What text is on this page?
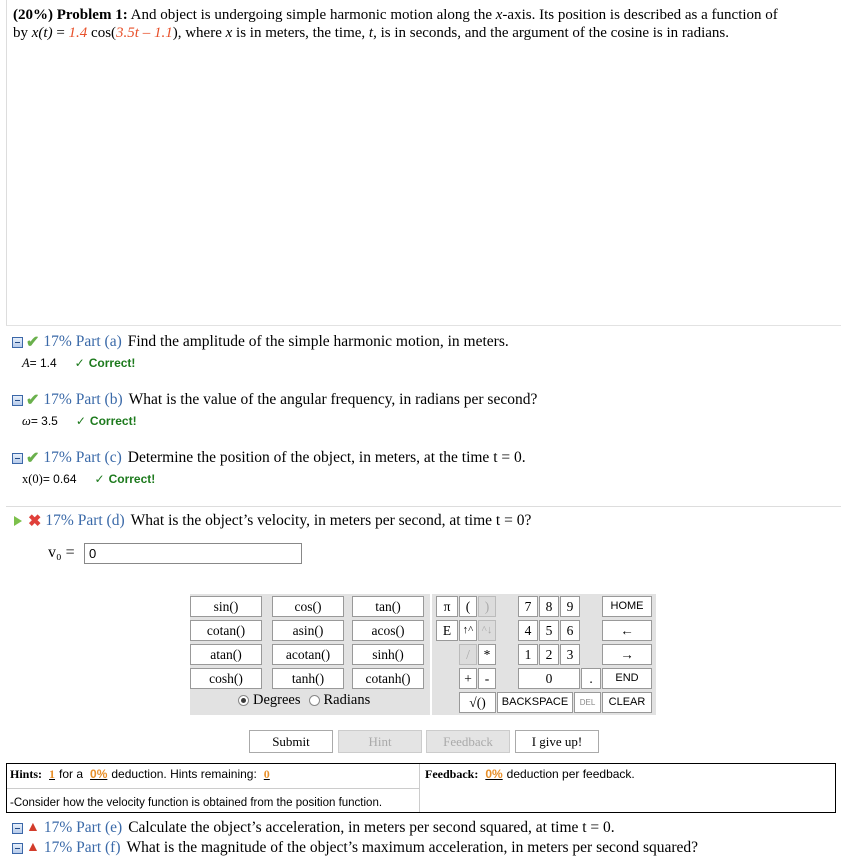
(20%) Problem 1: And object is undergoing simple harmonic motion along the x-axis. Its position is described as a function of
by x(t) = 1.4 cos(3.5t – 1.1), where x is in meters, the time, t, is in seconds, and the argument of the cosine is in radians.
✔ 17% Part (a) Find the amplitude of the simple harmonic motion, in meters.
A = 1.4	✓ Correct!
✔ 17% Part (b) What is the value of the angular frequency, in radians per second?
ω = 3.5	✓ Correct!
✔ 17% Part (c) Determine the position of the object, in meters, at the time t = 0.
x(0) = 0.64	✓ Correct!
✖ 17% Part (d) What is the object’s velocity, in meters per second, at time t = 0?
v₀ =	0
sin()	cos()	tan()
cotan()	asin()	acos()
atan()	acotan()	sinh()
cosh()	tanh()	cotanh()
Degrees Radians
π	(	)	7	8	9	HOME
E	↑^ ^↓	4	5	6	←
/	*	1	2	3	→
+ -	0	.	END
√()	BACKSPACE	DEL	CLEAR
Submit	Hint	Feedback	I give up!
Hints: 1 for a 0% deduction. Hints remaining: 0	Feedback: 0% deduction per feedback.
-Consider how the velocity function is obtained from the position function.
▲ 17% Part (e) Calculate the object’s acceleration, in meters per second squared, at time t = 0.
▲ 17% Part (f) What is the magnitude of the object’s maximum acceleration, in meters per second squared?
